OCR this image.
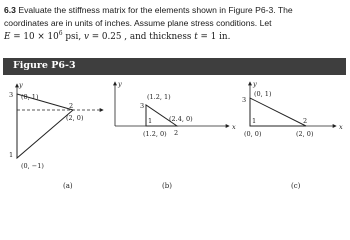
6.3 Evaluate the stiffness matrix for the elements shown in Figure P6-3. The
coordinates are in units of inches. Assume plane stress conditions. Let
$E = 10 \times 10^6$ psi, v = 0.25 , and thickness t = 1 in.
Figure P6-3
y
3 (0, 1)
2
(2, 0)
1
(0, −1)
(a)
y
x
(1.2, 1)
3
1
(1.2, 0)
(2.4, 0)
2
(b)
y
x
3
(0, 1)
1
(0, 0)
2
(2, 0)
(c)
